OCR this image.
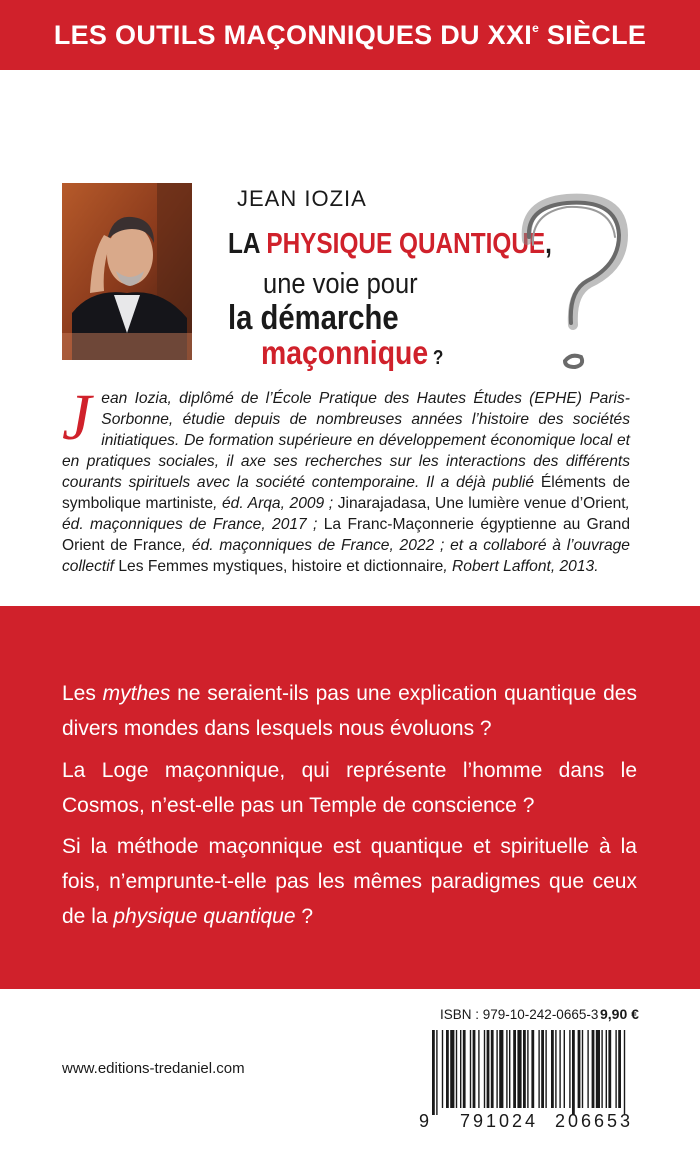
LES OUTILS MAÇONNIQUES DU XXIe SIÈCLE
JEAN IOZIA
LA PHYSIQUE QUANTIQUE,
une voie pour
la démarche
maçonnique ?
Jean Iozia, diplômé de l’École Pratique des Hautes Études (EPHE) Paris-Sorbonne, étudie depuis de nombreuses années l’histoire des sociétés initiatiques. De formation supérieure en développement économique local et en pratiques sociales, il axe ses recherches sur les interactions des différents courants spirituels avec la société contemporaine. Il a déjà publié Éléments de symbolique martiniste, éd. Arqa, 2009 ; Jinarajadasa, Une lumière venue d’Orient, éd. maçonniques de France, 2017 ; La Franc-Maçonnerie égyptienne au Grand Orient de France, éd. maçonniques de France, 2022 ; et a collaboré à l’ouvrage collectif Les Femmes mystiques, histoire et dictionnaire, Robert Laffont, 2013.
Les mythes ne seraient-ils pas une explication quantique des divers mondes dans lesquels nous évoluons ?
La Loge maçonnique, qui représente l’homme dans le Cosmos, n’est-elle pas un Temple de conscience ?
Si la méthode maçonnique est quantique et spirituelle à la fois, n’emprunte-t-elle pas les mêmes paradigmes que ceux de la physique quantique ?
www.editions-tredaniel.com
ISBN : 979-10-242-0665-3 9,90 €
9 791024 206653
